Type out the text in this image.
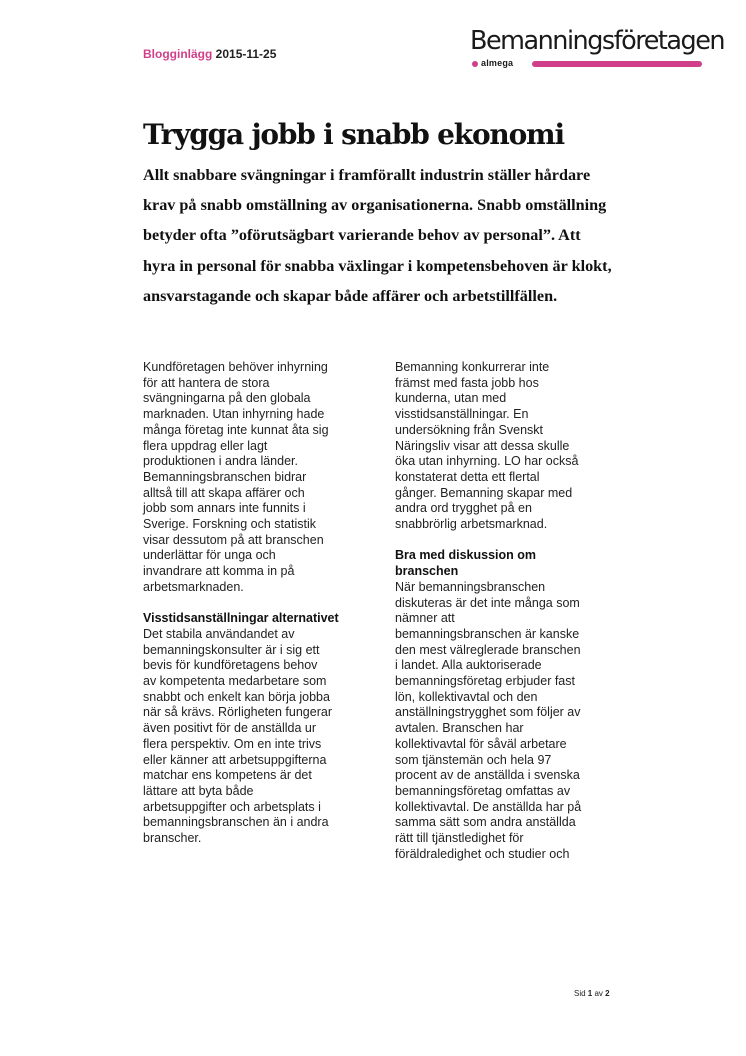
Blogginlägg 2015-11-25	Bemanningsföretagen
almega
Trygga jobb i snabb ekonomi

Allt snabbare svängningar i framförallt industrin ställer hårdare krav på snabb omställning av organisationerna. Snabb omställning betyder ofta ”oförutsägbart varierande behov av personal”. Att hyra in personal för snabba växlingar i kompetensbehoven är klokt, ansvarstagande och skapar både affärer och arbetstillfällen.

Kundföretagen behöver inhyrning
för att hantera de stora
svängningarna på den globala
marknaden. Utan inhyrning hade
många företag inte kunnat åta sig
flera uppdrag eller lagt
produktionen i andra länder.
Bemanningsbranschen bidrar
alltså till att skapa affärer och
jobb som annars inte funnits i
Sverige. Forskning och statistik
visar dessutom på att branschen
underlättar för unga och
invandrare att komma in på
arbetsmarknaden.

Visstidsanställningar alternativet

Det stabila användandet av
bemanningskonsulter är i sig ett
bevis för kundföretagens behov
av kompetenta medarbetare som
snabbt och enkelt kan börja jobba
när så krävs. Rörligheten fungerar
även positivt för de anställda ur
flera perspektiv. Om en inte trivs
eller känner att arbetsuppgifterna
matchar ens kompetens är det
lättare att byta både
arbetsuppgifter och arbetsplats i
bemanningsbranschen än i andra
branscher.

Bemanning konkurrerar inte
främst med fasta jobb hos
kunderna, utan med
visstidsanställningar. En
undersökning från Svenskt
Näringsliv visar att dessa skulle
öka utan inhyrning. LO har också
konstaterat detta ett flertal
gånger. Bemanning skapar med
andra ord trygghet på en
snabbrörlig arbetsmarknad.

Bra med diskussion om
branschen

När bemanningsbranschen
diskuteras är det inte många som
nämner att
bemanningsbranschen är kanske
den mest välreglerade branschen
i landet. Alla auktoriserade
bemanningsföretag erbjuder fast
lön, kollektivavtal och den
anställningstrygghet som följer av
avtalen. Branschen har
kollektivavtal för såväl arbetare
som tjänstemän och hela 97
procent av de anställda i svenska
bemanningsföretag omfattas av
kollektivavtal. De anställda har på
samma sätt som andra anställda
rätt till tjänstledighet för
föräldraledighet och studier och

Sid 1 av 2
